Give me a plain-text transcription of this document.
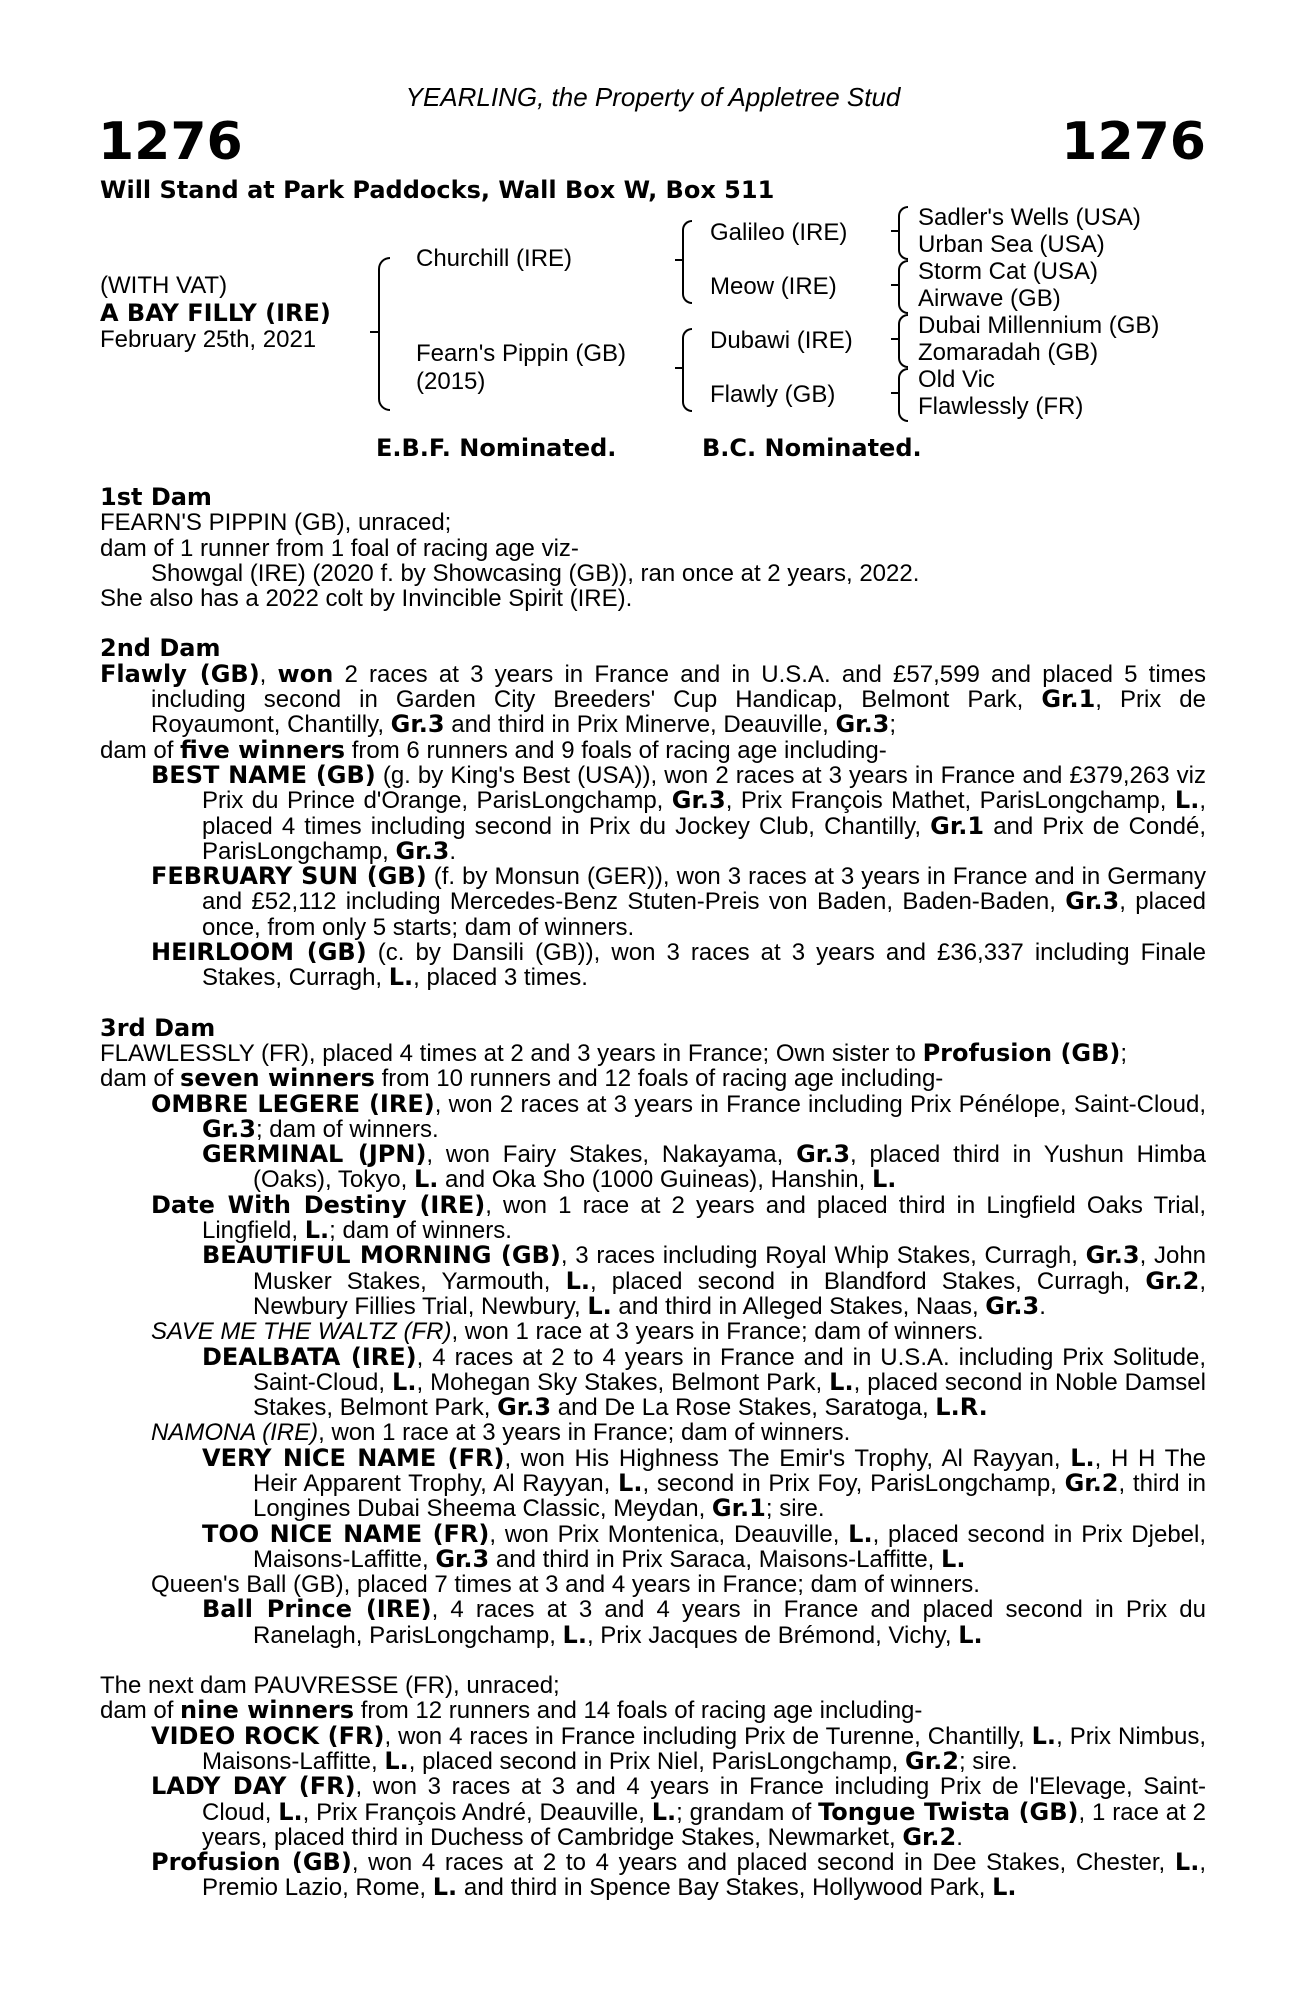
YEARLING, the Property of Appletree Stud
1276	1276
Will Stand at Park Paddocks, Wall Box W, Box 511
(WITH VAT)
A BAY FILLY (IRE)
February 25th, 2021
Churchill (IRE)
Fearn's Pippin (GB)
(2015)
Galileo (IRE)
Meow (IRE)
Dubawi (IRE)
Flawly (GB)
Sadler's Wells (USA)
Urban Sea (USA)
Storm Cat (USA)
Airwave (GB)
Dubai Millennium (GB)
Zomaradah (GB)
Old Vic
Flawlessly (FR)
E.B.F. Nominated.	B.C. Nominated.
1st Dam
FEARN'S PIPPIN (GB), unraced;
dam of 1 runner from 1 foal of racing age viz-
Showgal (IRE) (2020 f. by Showcasing (GB)), ran once at 2 years, 2022.
She also has a 2022 colt by Invincible Spirit (IRE).
2nd Dam
Flawly (GB), won 2 races at 3 years in France and in U.S.A. and £57,599 and placed 5 times including second in Garden City Breeders' Cup Handicap, Belmont Park, Gr.1, Prix de Royaumont, Chantilly, Gr.3 and third in Prix Minerve, Deauville, Gr.3;
dam of five winners from 6 runners and 9 foals of racing age including-
BEST NAME (GB) (g. by King's Best (USA)), won 2 races at 3 years in France and £379,263 viz Prix du Prince d'Orange, ParisLongchamp, Gr.3, Prix François Mathet, ParisLongchamp, L., placed 4 times including second in Prix du Jockey Club, Chantilly, Gr.1 and Prix de Condé, ParisLongchamp, Gr.3.
FEBRUARY SUN (GB) (f. by Monsun (GER)), won 3 races at 3 years in France and in Germany and £52,112 including Mercedes-Benz Stuten-Preis von Baden, Baden-Baden, Gr.3, placed once, from only 5 starts; dam of winners.
HEIRLOOM (GB) (c. by Dansili (GB)), won 3 races at 3 years and £36,337 including Finale Stakes, Curragh, L., placed 3 times.
3rd Dam
FLAWLESSLY (FR), placed 4 times at 2 and 3 years in France; Own sister to Profusion (GB);
dam of seven winners from 10 runners and 12 foals of racing age including-
OMBRE LEGERE (IRE), won 2 races at 3 years in France including Prix Pénélope, Saint-Cloud, Gr.3; dam of winners.
GERMINAL (JPN), won Fairy Stakes, Nakayama, Gr.3, placed third in Yushun Himba (Oaks), Tokyo, L. and Oka Sho (1000 Guineas), Hanshin, L.
Date With Destiny (IRE), won 1 race at 2 years and placed third in Lingfield Oaks Trial, Lingfield, L.; dam of winners.
BEAUTIFUL MORNING (GB), 3 races including Royal Whip Stakes, Curragh, Gr.3, John Musker Stakes, Yarmouth, L., placed second in Blandford Stakes, Curragh, Gr.2, Newbury Fillies Trial, Newbury, L. and third in Alleged Stakes, Naas, Gr.3.
SAVE ME THE WALTZ (FR), won 1 race at 3 years in France; dam of winners.
DEALBATA (IRE), 4 races at 2 to 4 years in France and in U.S.A. including Prix Solitude, Saint-Cloud, L., Mohegan Sky Stakes, Belmont Park, L., placed second in Noble Damsel Stakes, Belmont Park, Gr.3 and De La Rose Stakes, Saratoga, L.R.
NAMONA (IRE), won 1 race at 3 years in France; dam of winners.
VERY NICE NAME (FR), won His Highness The Emir's Trophy, Al Rayyan, L., H H The Heir Apparent Trophy, Al Rayyan, L., second in Prix Foy, ParisLongchamp, Gr.2, third in Longines Dubai Sheema Classic, Meydan, Gr.1; sire.
TOO NICE NAME (FR), won Prix Montenica, Deauville, L., placed second in Prix Djebel, Maisons-Laffitte, Gr.3 and third in Prix Saraca, Maisons-Laffitte, L.
Queen's Ball (GB), placed 7 times at 3 and 4 years in France; dam of winners.
Ball Prince (IRE), 4 races at 3 and 4 years in France and placed second in Prix du Ranelagh, ParisLongchamp, L., Prix Jacques de Brémond, Vichy, L.
The next dam PAUVRESSE (FR), unraced;
dam of nine winners from 12 runners and 14 foals of racing age including-
VIDEO ROCK (FR), won 4 races in France including Prix de Turenne, Chantilly, L., Prix Nimbus, Maisons-Laffitte, L., placed second in Prix Niel, ParisLongchamp, Gr.2; sire.
LADY DAY (FR), won 3 races at 3 and 4 years in France including Prix de l'Elevage, Saint-Cloud, L., Prix François André, Deauville, L.; grandam of Tongue Twista (GB), 1 race at 2 years, placed third in Duchess of Cambridge Stakes, Newmarket, Gr.2.
Profusion (GB), won 4 races at 2 to 4 years and placed second in Dee Stakes, Chester, L., Premio Lazio, Rome, L. and third in Spence Bay Stakes, Hollywood Park, L.
